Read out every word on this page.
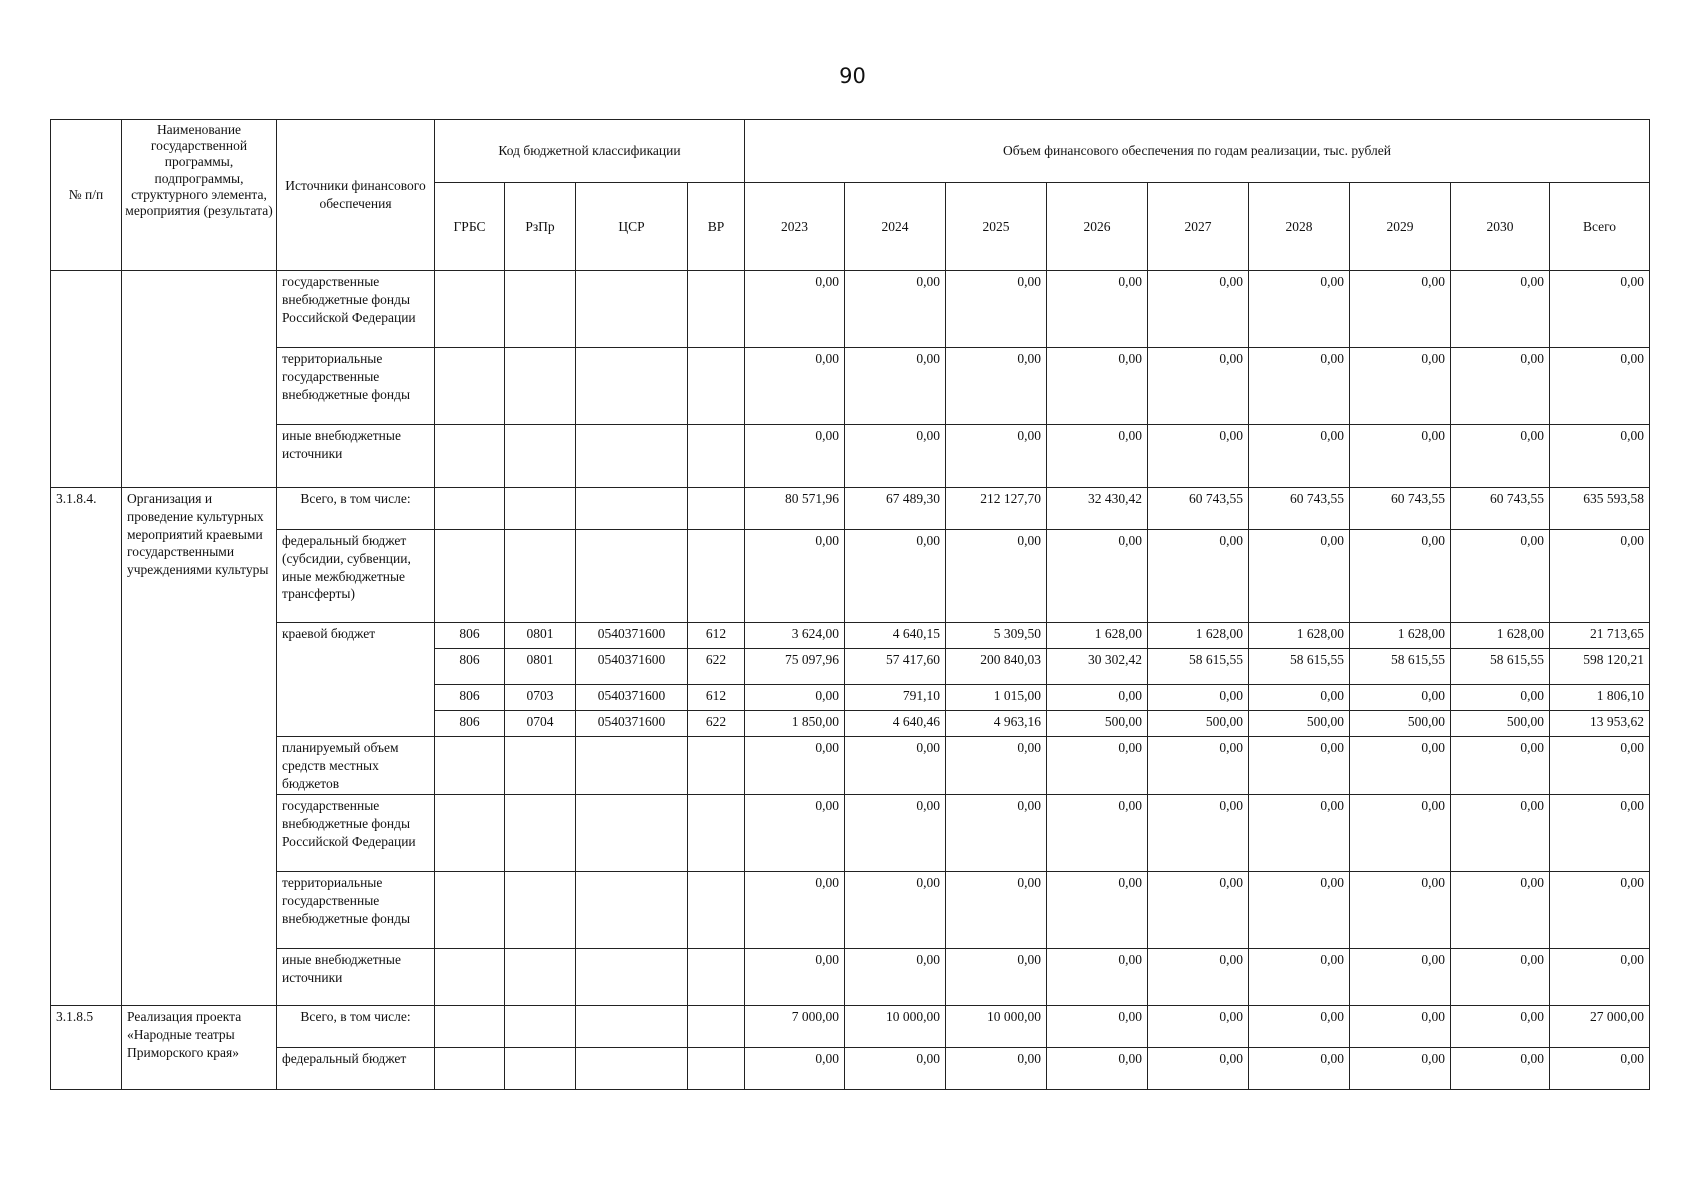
90
№ п/п	Наименование государственной программы, подпрограммы, структурного элемента, мероприятия (результата)	Источники финансового обеспечения	Код бюджетной классификации				Объем финансового обеспечения по годам реализации, тыс. рублей								
			ГРБС	РзПр	ЦСР	ВР	2023	2024	2025	2026	2027	2028	2029	2030	Всего
		государственные внебюджетные фонды Российской Федерации					0,00	0,00	0,00	0,00	0,00	0,00	0,00	0,00	0,00
		территориальные государственные внебюджетные фонды					0,00	0,00	0,00	0,00	0,00	0,00	0,00	0,00	0,00
		иные внебюджетные источники					0,00	0,00	0,00	0,00	0,00	0,00	0,00	0,00	0,00
3.1.8.4.	Организация и проведение культурных мероприятий краевыми государственными учреждениями культуры	Всего, в том числе:					80 571,96	67 489,30	212 127,70	32 430,42	60 743,55	60 743,55	60 743,55	60 743,55	635 593,58
		федеральный бюджет (субсидии, субвенции, иные межбюджетные трансферты)					0,00	0,00	0,00	0,00	0,00	0,00	0,00	0,00	0,00
		краевой бюджет	806	0801	0540371600	612	3 624,00	4 640,15	5 309,50	1 628,00	1 628,00	1 628,00	1 628,00	1 628,00	21 713,65
			806	0801	0540371600	622	75 097,96	57 417,60	200 840,03	30 302,42	58 615,55	58 615,55	58 615,55	58 615,55	598 120,21
			806	0703	0540371600	612	0,00	791,10	1 015,00	0,00	0,00	0,00	0,00	0,00	1 806,10
			806	0704	0540371600	622	1 850,00	4 640,46	4 963,16	500,00	500,00	500,00	500,00	500,00	13 953,62
		планируемый объем средств местных бюджетов					0,00	0,00	0,00	0,00	0,00	0,00	0,00	0,00	0,00
		государственные внебюджетные фонды Российской Федерации					0,00	0,00	0,00	0,00	0,00	0,00	0,00	0,00	0,00
		территориальные государственные внебюджетные фонды					0,00	0,00	0,00	0,00	0,00	0,00	0,00	0,00	0,00
		иные внебюджетные источники					0,00	0,00	0,00	0,00	0,00	0,00	0,00	0,00	0,00
3.1.8.5	Реализация проекта «Народные театры Приморского края»	Всего, в том числе:					7 000,00	10 000,00	10 000,00	0,00	0,00	0,00	0,00	0,00	27 000,00
		федеральный бюджет					0,00	0,00	0,00	0,00	0,00	0,00	0,00	0,00	0,00
